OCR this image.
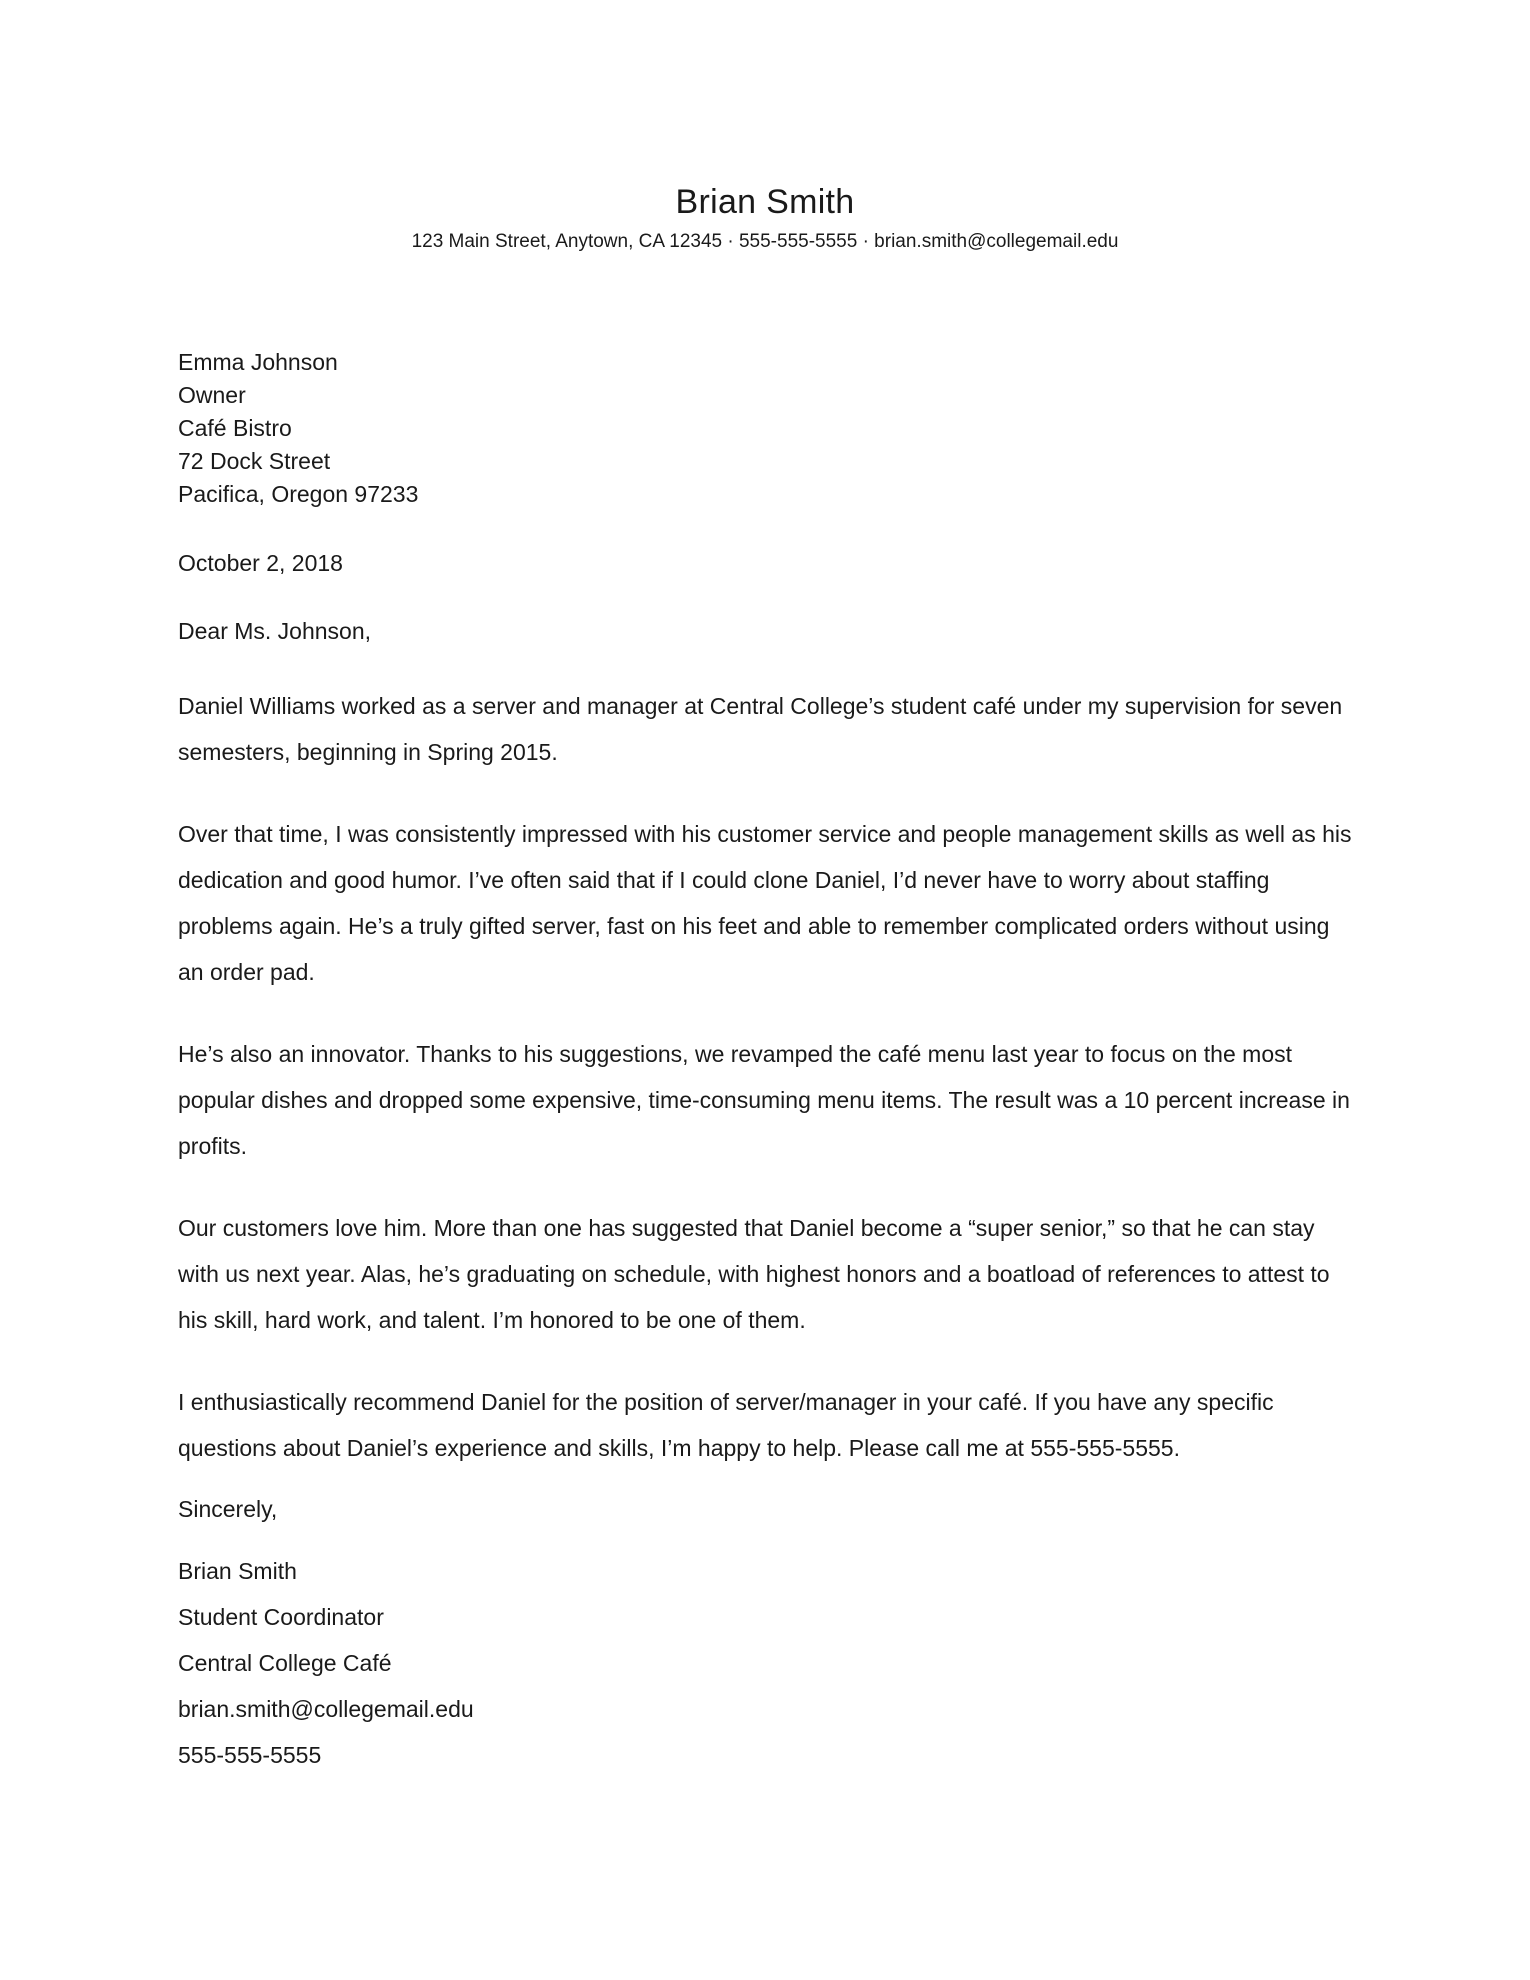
Brian Smith
123 Main Street, Anytown, CA 12345 · 555-555-5555 · brian.smith@collegemail.edu
Emma Johnson
Owner
Café Bistro
72 Dock Street
Pacifica, Oregon 97233
October 2, 2018
Dear Ms. Johnson,
Daniel Williams worked as a server and manager at Central College’s student café under my supervision for seven semesters, beginning in Spring 2015.
Over that time, I was consistently impressed with his customer service and people management skills as well as his dedication and good humor. I’ve often said that if I could clone Daniel, I’d never have to worry about staffing problems again. He’s a truly gifted server, fast on his feet and able to remember complicated orders without using an order pad.
He’s also an innovator. Thanks to his suggestions, we revamped the café menu last year to focus on the most popular dishes and dropped some expensive, time-consuming menu items. The result was a 10 percent increase in profits.
Our customers love him. More than one has suggested that Daniel become a “super senior,” so that he can stay with us next year. Alas, he’s graduating on schedule, with highest honors and a boatload of references to attest to his skill, hard work, and talent. I’m honored to be one of them.
I enthusiastically recommend Daniel for the position of server/manager in your café. If you have any specific questions about Daniel’s experience and skills, I’m happy to help. Please call me at 555-555-5555.
Sincerely,
Brian Smith
Student Coordinator
Central College Café
brian.smith@collegemail.edu
555-555-5555
